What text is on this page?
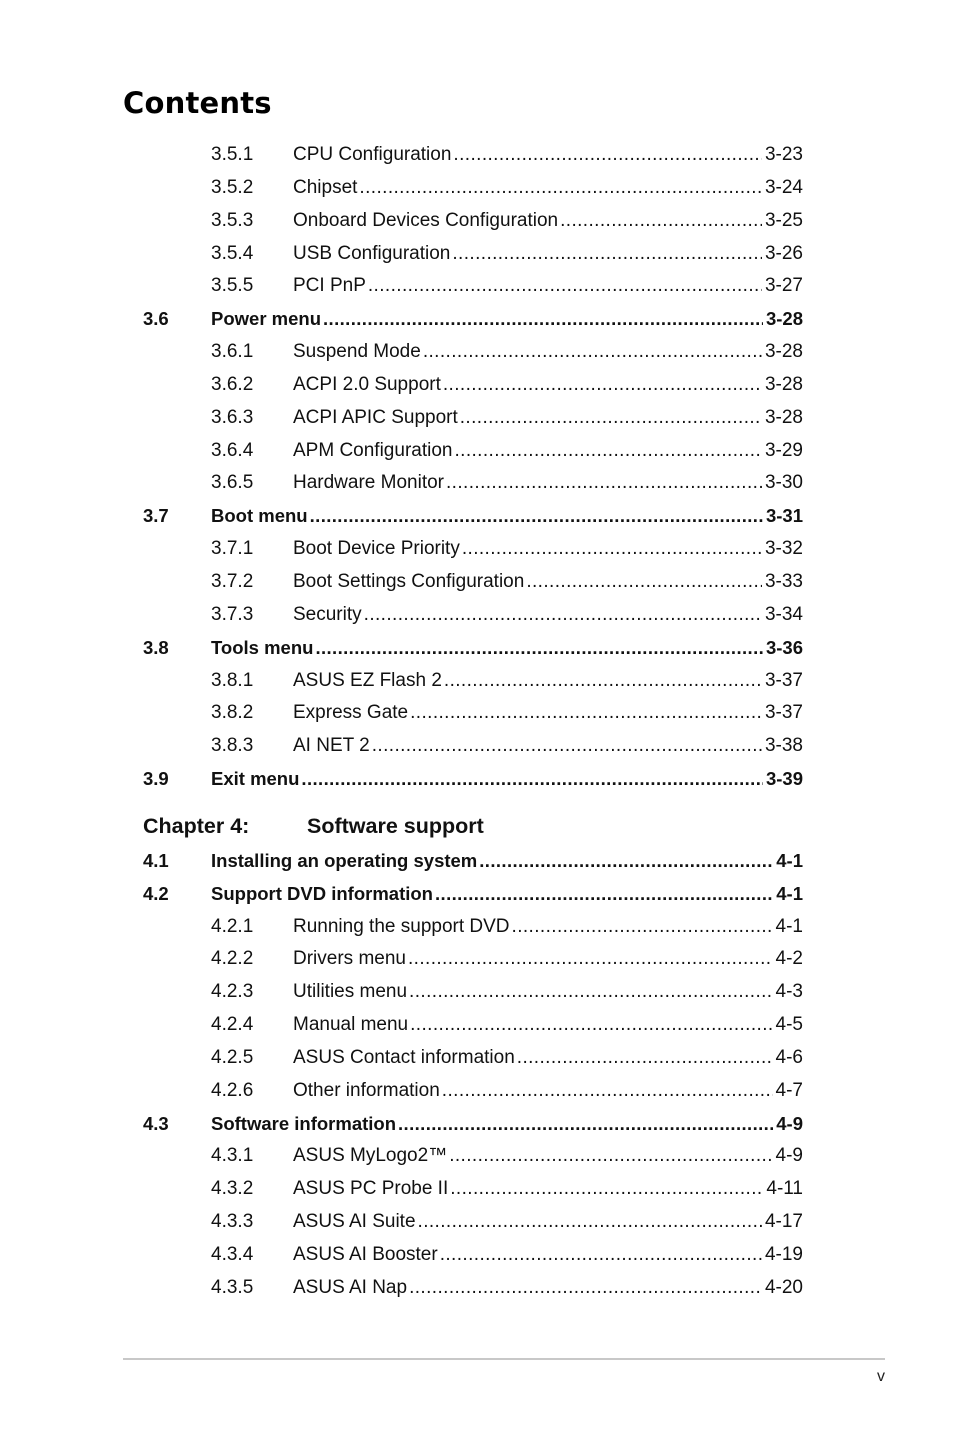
Contents
3.5.1 CPU Configuration .....	3-23
3.5.2 Chipset .....	3-24
3.5.3 Onboard Devices Configuration .....	3-25
3.5.4 USB Configuration .....	3-26
3.5.5 PCI PnP .....	3-27
3.6 Power menu .....	3-28
3.6.1 Suspend Mode .....	3-28
3.6.2 ACPI 2.0 Support .....	3-28
3.6.3 ACPI APIC Support .....	3-28
3.6.4 APM Configuration .....	3-29
3.6.5 Hardware Monitor .....	3-30
3.7 Boot menu .....	3-31
3.7.1 Boot Device Priority .....	3-32
3.7.2 Boot Settings Configuration .....	3-33
3.7.3 Security .....	3-34
3.8 Tools menu .....	3-36
3.8.1 ASUS EZ Flash 2 .....	3-37
3.8.2 Express Gate .....	3-37
3.8.3 AI NET 2 .....	3-38
3.9 Exit menu .....	3-39
Chapter 4:	Software support
4.1 Installing an operating system .....	4-1
4.2 Support DVD information .....	4-1
4.2.1 Running the support DVD .....	4-1
4.2.2 Drivers menu .....	4-2
4.2.3 Utilities menu .....	4-3
4.2.4 Manual menu .....	4-5
4.2.5 ASUS Contact information .....	4-6
4.2.6 Other information .....	4-7
4.3 Software information .....	4-9
4.3.1 ASUS MyLogo2™ .....	4-9
4.3.2 ASUS PC Probe II .....	4-11
4.3.3 ASUS AI Suite .....	4-17
4.3.4 ASUS AI Booster .....	4-19
4.3.5 ASUS AI Nap .....	4-20
v
